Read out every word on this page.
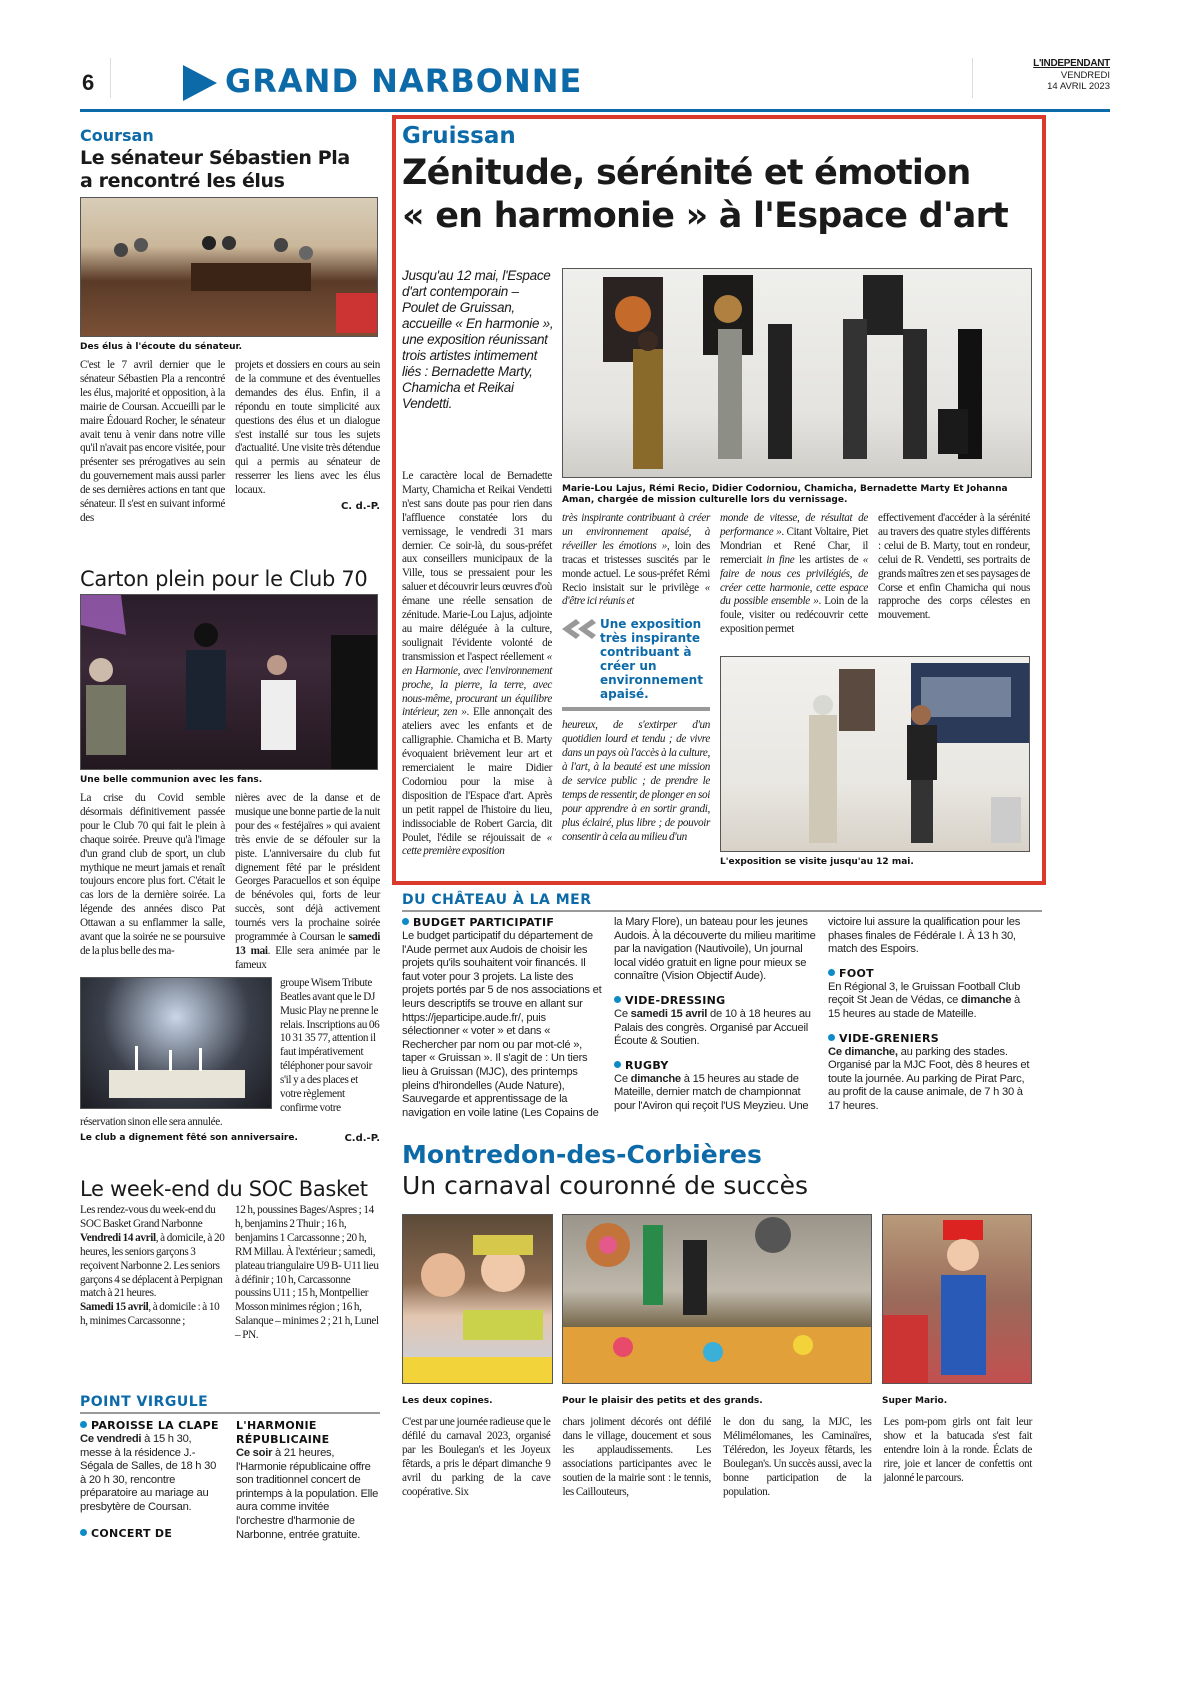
6	GRAND NARBONNE	L'INDEPENDANT
VENDREDI
14 AVRIL 2023
Coursan
Le sénateur Sébastien Pla
a rencontré les élus
Des élus à l'écoute du sénateur.
C'est le 7 avril dernier que le sénateur Sébastien Pla a rencontré les élus, majorité et opposition, à la mairie de Coursan. Accueilli par le maire Édouard Rocher, le sénateur avait tenu à venir dans notre ville qu'il n'avait pas encore visitée, pour présenter ses prérogatives au sein du gouvernement mais aussi parler de ses dernières actions en tant que sénateur. Il s'est en suivant informé des
projets et dossiers en cours au sein de la commune et des éventuelles demandes des élus. Enfin, il a répondu en toute simplicité aux questions des élus et un dialogue s'est installé sur tous les sujets d'actualité. Une visite très détendue qui a permis au sénateur de resserrer les liens avec les élus locaux.
C. d.-P.
Carton plein pour le Club 70
Une belle communion avec les fans.
La crise du Covid semble désormais définitivement passée pour le Club 70 qui fait le plein à chaque soirée. Preuve qu'à l'image d'un grand club de sport, un club mythique ne meurt jamais et renaît toujours encore plus fort. C'était le cas lors de la dernière soirée. La légende des années disco Pat Ottawan a su enflammer la salle, avant que la soirée ne se poursuive de la plus belle des ma-
nières avec de la danse et de musique une bonne partie de la nuit pour des « festéjaïres » qui avaient très envie de se défouler sur la piste. L'anniversaire du club fut dignement fêté par le président Georges Paracuellos et son équipe de bénévoles qui, forts de leur succès, sont déjà activement tournés vers la prochaine soirée programmée à Coursan le samedi 13 mai. Elle sera animée par le fameux
groupe Wisem Tribute Beatles avant que le DJ Music Play ne prenne le relais. Inscriptions au 06 10 31 35 77, attention il faut impérativement téléphoner pour savoir s'il y a des places et votre règlement confirme votre réservation sinon elle sera annulée.
Le club a dignement fêté son anniversaire.	C.d.-P.
Le week-end du SOC Basket
Les rendez-vous du week-end du SOC Basket Grand Narbonne
Vendredi 14 avril, à domicile, à 20 heures, les seniors garçons 3 reçoivent Narbonne 2. Les seniors garçons 4 se déplacent à Perpignan match à 21 heures.
Samedi 15 avril, à domicile : à 10 h, minimes Carcassonne ;
12 h, poussines Bages/Aspres ; 14 h, benjamins 2 Thuir ; 16 h, benjamins 1 Carcassonne ; 20 h, RM Millau. À l'extérieur ; samedi, plateau triangulaire U9 B- U11 lieu à définir ; 10 h, Carcassonne poussins U11 ; 15 h, Montpellier Mosson minimes région ; 16 h, Salanque – minimes 2 ; 21 h, Lunel – PN.
POINT VIRGULE
PAROISSE LA CLAPE
Ce vendredi à 15 h 30, messe à la résidence J.-Ségala de Salles, de 18 h 30 à 20 h 30, rencontre préparatoire au mariage au presbytère de Coursan.
CONCERT DE
L'HARMONIE RÉPUBLICAINE
Ce soir à 21 heures, l'Harmonie républicaine offre son traditionnel concert de printemps à la population. Elle aura comme invitée l'orchestre d'harmonie de Narbonne, entrée gratuite.
Gruissan
Zénitude, sérénité et émotion
« en harmonie » à l'Espace d'art
Jusqu'au 12 mai, l'Espace d'art contemporain – Poulet de Gruissan, accueille « En harmonie », une exposition réunissant trois artistes intimement liés : Bernadette Marty, Chamicha et Reikai Vendetti.
Le caractère local de Bernadette Marty, Chamicha et Reikai Vendetti n'est sans doute pas pour rien dans l'affluence constatée lors du vernissage, le vendredi 31 mars dernier. Ce soir-là, du sous-préfet aux conseillers municipaux de la Ville, tous se pressaient pour les saluer et découvrir leurs œuvres d'où émane une réelle sensation de zénitude. Marie-Lou Lajus, adjointe au maire déléguée à la culture, soulignait l'évidente volonté de transmission et l'aspect réellement « en Harmonie, avec l'environnement proche, la pierre, la terre, avec nous-même, procurant un équilibre intérieur, zen ». Elle annonçait des ateliers avec les enfants et de calligraphie. Chamicha et B. Marty évoquaient brièvement leur art et remerciaient le maire Didier Codorniou pour la mise à disposition de l'Espace d'art. Après un petit rappel de l'histoire du lieu, indissociable de Robert Garcia, dit Poulet, l'édile se réjouissait de « cette première exposition
Marie-Lou Lajus, Rémi Recio, Didier Codorniou, Chamicha, Bernadette Marty Et Johanna Aman, chargée de mission culturelle lors du vernissage.
très inspirante contribuant à créer un environnement apaisé, à réveiller les émotions », loin des tracas et tristesses suscités par le monde actuel. Le sous-préfet Rémi Recio insistait sur le privilège « d'être ici réunis et
Une exposition très inspirante contribuant à créer un environnement apaisé.
heureux, de s'extirper d'un quotidien lourd et tendu ; de vivre dans un pays où l'accès à la culture, à l'art, à la beauté est une mission de service public ; de prendre le temps de ressentir, de plonger en soi pour apprendre à en sortir grandi, plus éclairé, plus libre ; de pouvoir consentir à cela au milieu d'un
monde de vitesse, de résultat de performance ». Citant Voltaire, Piet Mondrian et René Char, il remerciait in fine les artistes de « faire de nous ces privilégiés, de créer cette harmonie, cette espace du possible ensemble ». Loin de la foule, visiter ou redécouvrir cette exposition permet
effectivement d'accéder à la sérénité au travers des quatre styles différents : celui de B. Marty, tout en rondeur, celui de R. Vendetti, ses portraits de grands maîtres zen et ses paysages de Corse et enfin Chamicha qui nous rapproche des corps célestes en mouvement.
L'exposition se visite jusqu'au 12 mai.
DU CHÂTEAU À LA MER
BUDGET PARTICIPATIF
Le budget participatif du département de l'Aude permet aux Audois de choisir les projets qu'ils souhaitent voir financés. Il faut voter pour 3 projets. La liste des projets portés par 5 de nos associations et leurs descriptifs se trouve en allant sur https://jeparticipe.aude.fr/, puis sélectionner « voter » et dans « Rechercher par nom ou par mot-clé », taper « Gruissan ». Il s'agit de : Un tiers lieu à Gruissan (MJC), des printemps pleins d'hirondelles (Aude Nature), Sauvegarde et apprentissage de la navigation en voile latine (Les Copains de
la Mary Flore), un bateau pour les jeunes Audois. À la découverte du milieu maritime par la navigation (Nautivoile), Un journal local vidéo gratuit en ligne pour mieux se connaître (Vision Objectif Aude).
VIDE-DRESSING
Ce samedi 15 avril de 10 à 18 heures au Palais des congrès. Organisé par Accueil Écoute & Soutien.
RUGBY
Ce dimanche à 15 heures au stade de Mateille, dernier match de championnat pour l'Aviron qui reçoit l'US Meyzieu. Une
victoire lui assure la qualification pour les phases finales de Fédérale I. À 13 h 30, match des Espoirs.
FOOT
En Régional 3, le Gruissan Football Club reçoit St Jean de Védas, ce dimanche à 15 heures au stade de Mateille.
VIDE-GRENIERS
Ce dimanche, au parking des stades. Organisé par la MJC Foot, dès 8 heures et toute la journée. Au parking de Pirat Parc, au profit de la cause animale, de 7 h 30 à 17 heures.
Montredon-des-Corbières
Un carnaval couronné de succès
Les deux copines.	Pour le plaisir des petits et des grands.	Super Mario.
C'est par une journée radieuse que le défilé du carnaval 2023, organisé par les Boulegan's et les Joyeux fêtards, a pris le départ dimanche 9 avril du parking de la cave coopérative. Six
chars joliment décorés ont défilé dans le village, doucement et sous les applaudissements. Les associations participantes avec le soutien de la mairie sont : le tennis, les Cailloutеurs,
le don du sang, la MJC, les Mélimélomanes, les Caminaïres, Téléredon, les Joyeux fêtards, les Boulegan's. Un succès aussi, avec la bonne participation de la population.
Les pom-pom girls ont fait leur show et la batucada s'est fait entendre loin à la ronde. Éclats de rire, joie et lancer de confettis ont jalonné le parcours.
